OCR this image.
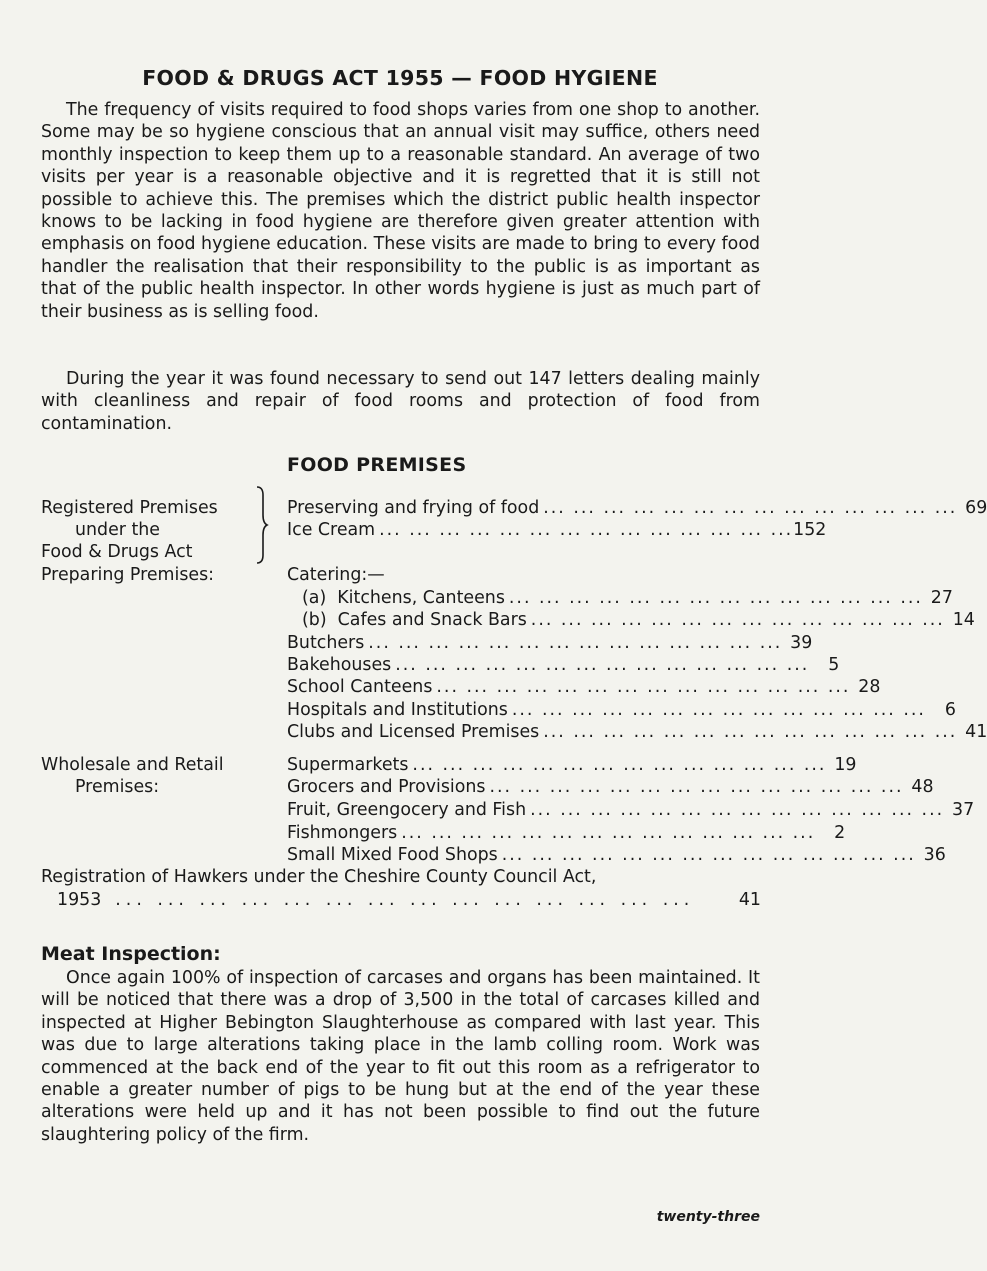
FOOD & DRUGS ACT 1955 — FOOD HYGIENE

The frequency of visits required to food shops varies from one shop to another. Some may be so hygiene conscious that an annual visit may suffice, others need monthly inspection to keep them up to a reasonable standard. An average of two visits per year is a reasonable objective and it is regretted that it is still not possible to achieve this. The premises which the district public health inspector knows to be lacking in food hygiene are therefore given greater attention with emphasis on food hygiene education. These visits are made to bring to every food handler the realisation that their responsibility to the public is as important as that of the public health inspector. In other words hygiene is just as much part of their business as is selling food.

During the year it was found necessary to send out 147 letters dealing mainly with cleanliness and repair of food rooms and protection of food from contamination.

FOOD PREMISES
Registered Premises
under the
Food & Drugs Act
Preparing Premises:
Wholesale and Retail
Premises:
Preserving and frying of food ... ... ... ... ... ... ... ... ... ... ... ... ... ... 69
Ice Cream ... ... ... ... ... ... ... ... ... ... ... ... ... ... 152
Catering:—
(a)  Kitchens, Canteens ... ... ... ... ... ... ... ... ... ... ... ... ... ... 27
(b)  Cafes and Snack Bars ... ... ... ... ... ... ... ... ... ... ... ... ... ... 14
Butchers ... ... ... ... ... ... ... ... ... ... ... ... ... ... 39
Bakehouses ... ... ... ... ... ... ... ... ... ... ... ... ... ...	5
School Canteens ... ... ... ... ... ... ... ... ... ... ... ... ... ... 28
Hospitals and Institutions ... ... ... ... ... ... ... ... ... ... ... ... ... ...	6
Clubs and Licensed Premises ... ... ... ... ... ... ... ... ... ... ... ... ... ... 41
Supermarkets ... ... ... ... ... ... ... ... ... ... ... ... ... ... 19
Grocers and Provisions ... ... ... ... ... ... ... ... ... ... ... ... ... ... 48
Fruit, Greengocery and Fish ... ... ... ... ... ... ... ... ... ... ... ... ... ... 37
Fishmongers ... ... ... ... ... ... ... ... ... ... ... ... ... ...	2
Small Mixed Food Shops ... ... ... ... ... ... ... ... ... ... ... ... ... ... 36
Registration of Hawkers under the Cheshire County Council Act,
1953 ... ... ... ... ... ... ... ... ... ... ... ... ... ...	41
Meat Inspection:

Once again 100% of inspection of carcases and organs has been maintained. It will be noticed that there was a drop of 3,500 in the total of carcases killed and inspected at Higher Bebington Slaughterhouse as compared with last year. This was due to large alterations taking place in the lamb colling room. Work was commenced at the back end of the year to fit out this room as a refrigerator to enable a greater number of pigs to be hung but at the end of the year these alterations were held up and it has not been possible to find out the future slaughtering policy of the firm.

twenty-three
